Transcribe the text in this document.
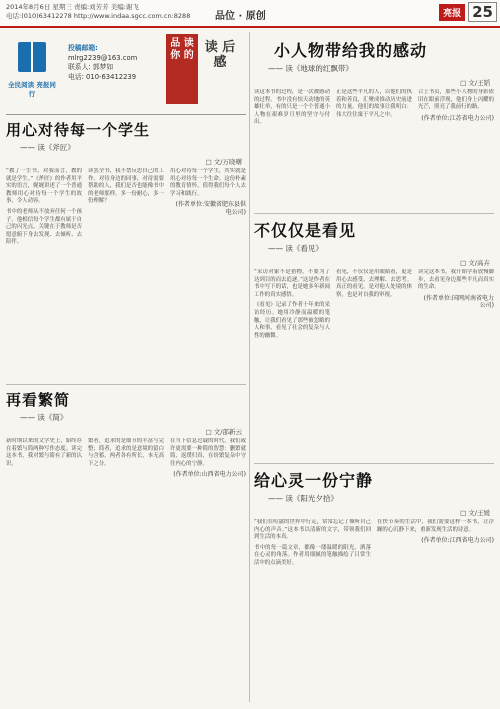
2014年8月6日 星期三 责编:刘芳芳 美编:谢飞
电话:(010)63412278 http://www.indaa.sgcc.com.cn:8288 品位 · 原创	亮报 25
全民阅读 亮报同行
投稿邮箱:
mlrg2239@163.com
联系人: 郭梦如
电话: 010-63412239
品 读 你 的
读 后 感
用心对待每一个学生
—— 读《斧匠》
□ 文/万晓曙

“教了一生书，对我而言，教的就是学生。”《斧匠》的作者用平实的语言，娓娓讲述了一个普通教师用心对待每一个学生的故事，令人动容。

书中的老师从不放弃任何一个孩子。他相信每个学生都有属于自己的闪光点，关键在于教师是否愿意俯下身去发现、去倾听、去陪伴。

读罢全书，我不禁反思自己的工作。对待身边的同事，对待需要帮助的人，我们是否也能像书中的老师那样，多一份耐心，多一份理解？

用心对待每一个学生，其实就是用心对待每一个生命。这份朴素的教育情怀，值得我们每个人去学习和践行。

(作者单位:安徽省肥东县供电公司)

再看繁简
—— 读《简》
□ 文/邵新云

新时期以来的文学史上，始终存在着繁与简两种写作态度。读完这本书，我对繁与简有了新的认识。

繁者，追求的是细节的丰富与完整；简者，追求的是意境的留白与含蓄。两者各有所长，本无高下之分。

在当下信息过载的时代，我们或许更需要一种简的智慧：删繁就简，返璞归真，在纷繁复杂中守住内心的宁静。

(作者单位:山西省电力公司)

小人物带给我的感动
—— 读《地球的红飘带》
□ 文/王韬

读这本书的过程，是一次被感动的过程。书中没有惊天动地的英雄壮举，有的只是一个个普通小人物在艰难岁月里的坚守与付出。

正是这些平凡的人，以他们的执着和善良，汇聚成推动历史前进的力量。他们的故事让我明白：伟大往往寓于平凡之中。

合上书页，那些小人物的身影依旧在眼前浮现，他们身上闪耀的光芒，照亮了我前行的路。

(作者单位:江苏省电力公司)

不仅仅是看见
—— 读《看见》
□ 文/高卉

“采访对象不是猎物，不要为了达到目的而去追逐。”这是作者在书中写下的话，也是她多年新闻工作的真实感悟。

《看见》记录了作者十年来的采访经历。她用冷静而温暖的笔触，让我们看见了那些被忽略的人和事，看见了社会的复杂与人性的幽微。

看见，不仅仅是用眼睛看，更是用心去感受、去理解、去思考。真正的看见，是对他人处境的体察，也是对自我的审视。

读完这本书，我开始学着放慢脚步，去看见身边那些平凡而真实的生命。

(作者单位:国网河南省电力公司)

给心灵一份宁静
—— 读《阳光夕拾》
□ 文/王媛

“我们在喧嚣的世界中行走，常常忘记了倾听自己内心的声音。”这本书以清新的文字，带领我们回到生活的本真。

书中的每一篇文章，都像一缕温暖的阳光，洒落在心灵的角落。作者用细腻的笔触描绘了日常生活中的点滴美好。

在快节奏的生活中，我们需要这样一本书，让浮躁的心沉静下来，重新发现生活的诗意。

(作者单位:江西省电力公司)
